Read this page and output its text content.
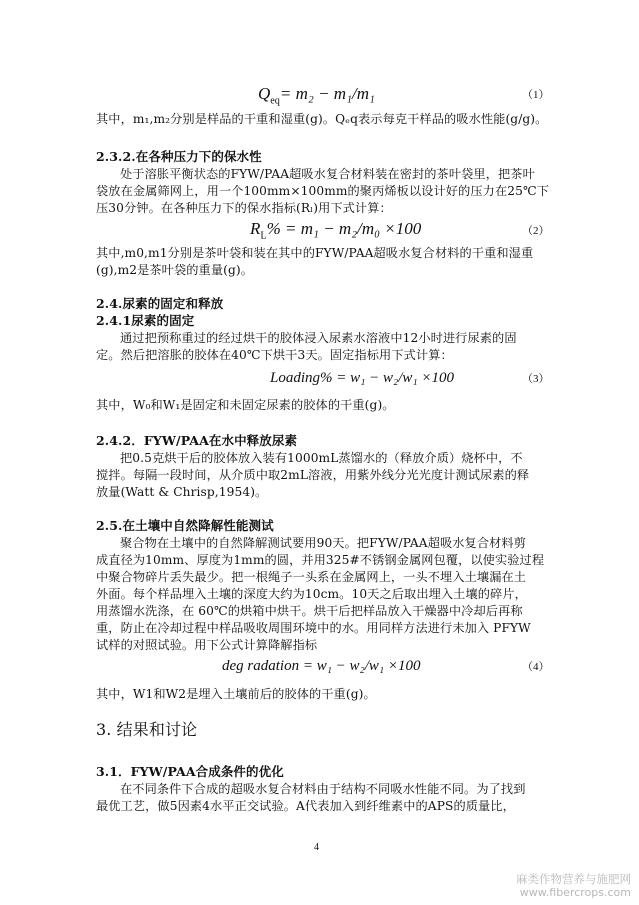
$Q_{eq}= m_2 - m_1/m_1$	（1）
其中，m₁,m₂分别是样品的干重和湿重(g)。Qₑq表示每克干样品的吸水性能(g/g)。
2.3.2.在各种压力下的保水性
处于溶胀平衡状态的FYW/PAA超吸水复合材料装在密封的茶叶袋里，把茶叶
袋放在金属筛网上，用一个100mm×100mm的聚丙烯板以设计好的压力在25℃下
压30分钟。在各种压力下的保水指标(Rₗ)用下式计算：
$R_L\% = m_1 - m_2/m_0 \times 100$	（2）
其中,m0,m1分别是茶叶袋和装在其中的FYW/PAA超吸水复合材料的干重和湿重
(g),m2是茶叶袋的重量(g)。
2.4.尿素的固定和释放
2.4.1尿素的固定
通过把预称重过的经过烘干的胶体浸入尿素水溶液中12小时进行尿素的固
定。然后把溶胀的胶体在40℃下烘干3天。固定指标用下式计算：
Loading% = w₁ − w₂/w₁ ×100	（3）
其中，W₀和W₁是固定和未固定尿素的胶体的干重(g)。
2.4.2．FYW/PAA在水中释放尿素
把0.5克烘干后的胶体放入装有1000mL蒸馏水的（释放介质）烧杯中，不
搅拌。每隔一段时间，从介质中取2mL溶液，用紫外线分光光度计测试尿素的释
放量(Watt & Chrisp,1954)。
2.5.在土壤中自然降解性能测试
聚合物在土壤中的自然降解测试要用90天。把FYW/PAA超吸水复合材料剪
成直径为10mm、厚度为1mm的圆，并用325#不锈钢金属网包覆，以使实验过程
中聚合物碎片丢失最少。把一根绳子一头系在金属网上，一头不埋入土壤漏在土
外面。每个样品埋入土壤的深度大约为10cm。10天之后取出埋入土壤的碎片，
用蒸馏水洗涤，在 60℃的烘箱中烘干。烘干后把样品放入干燥器中冷却后再称
重，防止在冷却过程中样品吸收周围环境中的水。用同样方法进行未加入 PFYW
试样的对照试验。用下公式计算降解指标
deg radation = w₁ − w₂/w₁ ×100	（4）
其中，W1和W2是埋入土壤前后的胶体的干重(g)。
3. 结果和讨论
3.1．FYW/PAA合成条件的优化
在不同条件下合成的超吸水复合材料由于结构不同吸水性能不同。为了找到
最优工艺，做5因素4水平正交试验。A代表加入到纤维素中的APS的质量比，
4
麻类作物营养与施肥网
www.fibercrops.com
